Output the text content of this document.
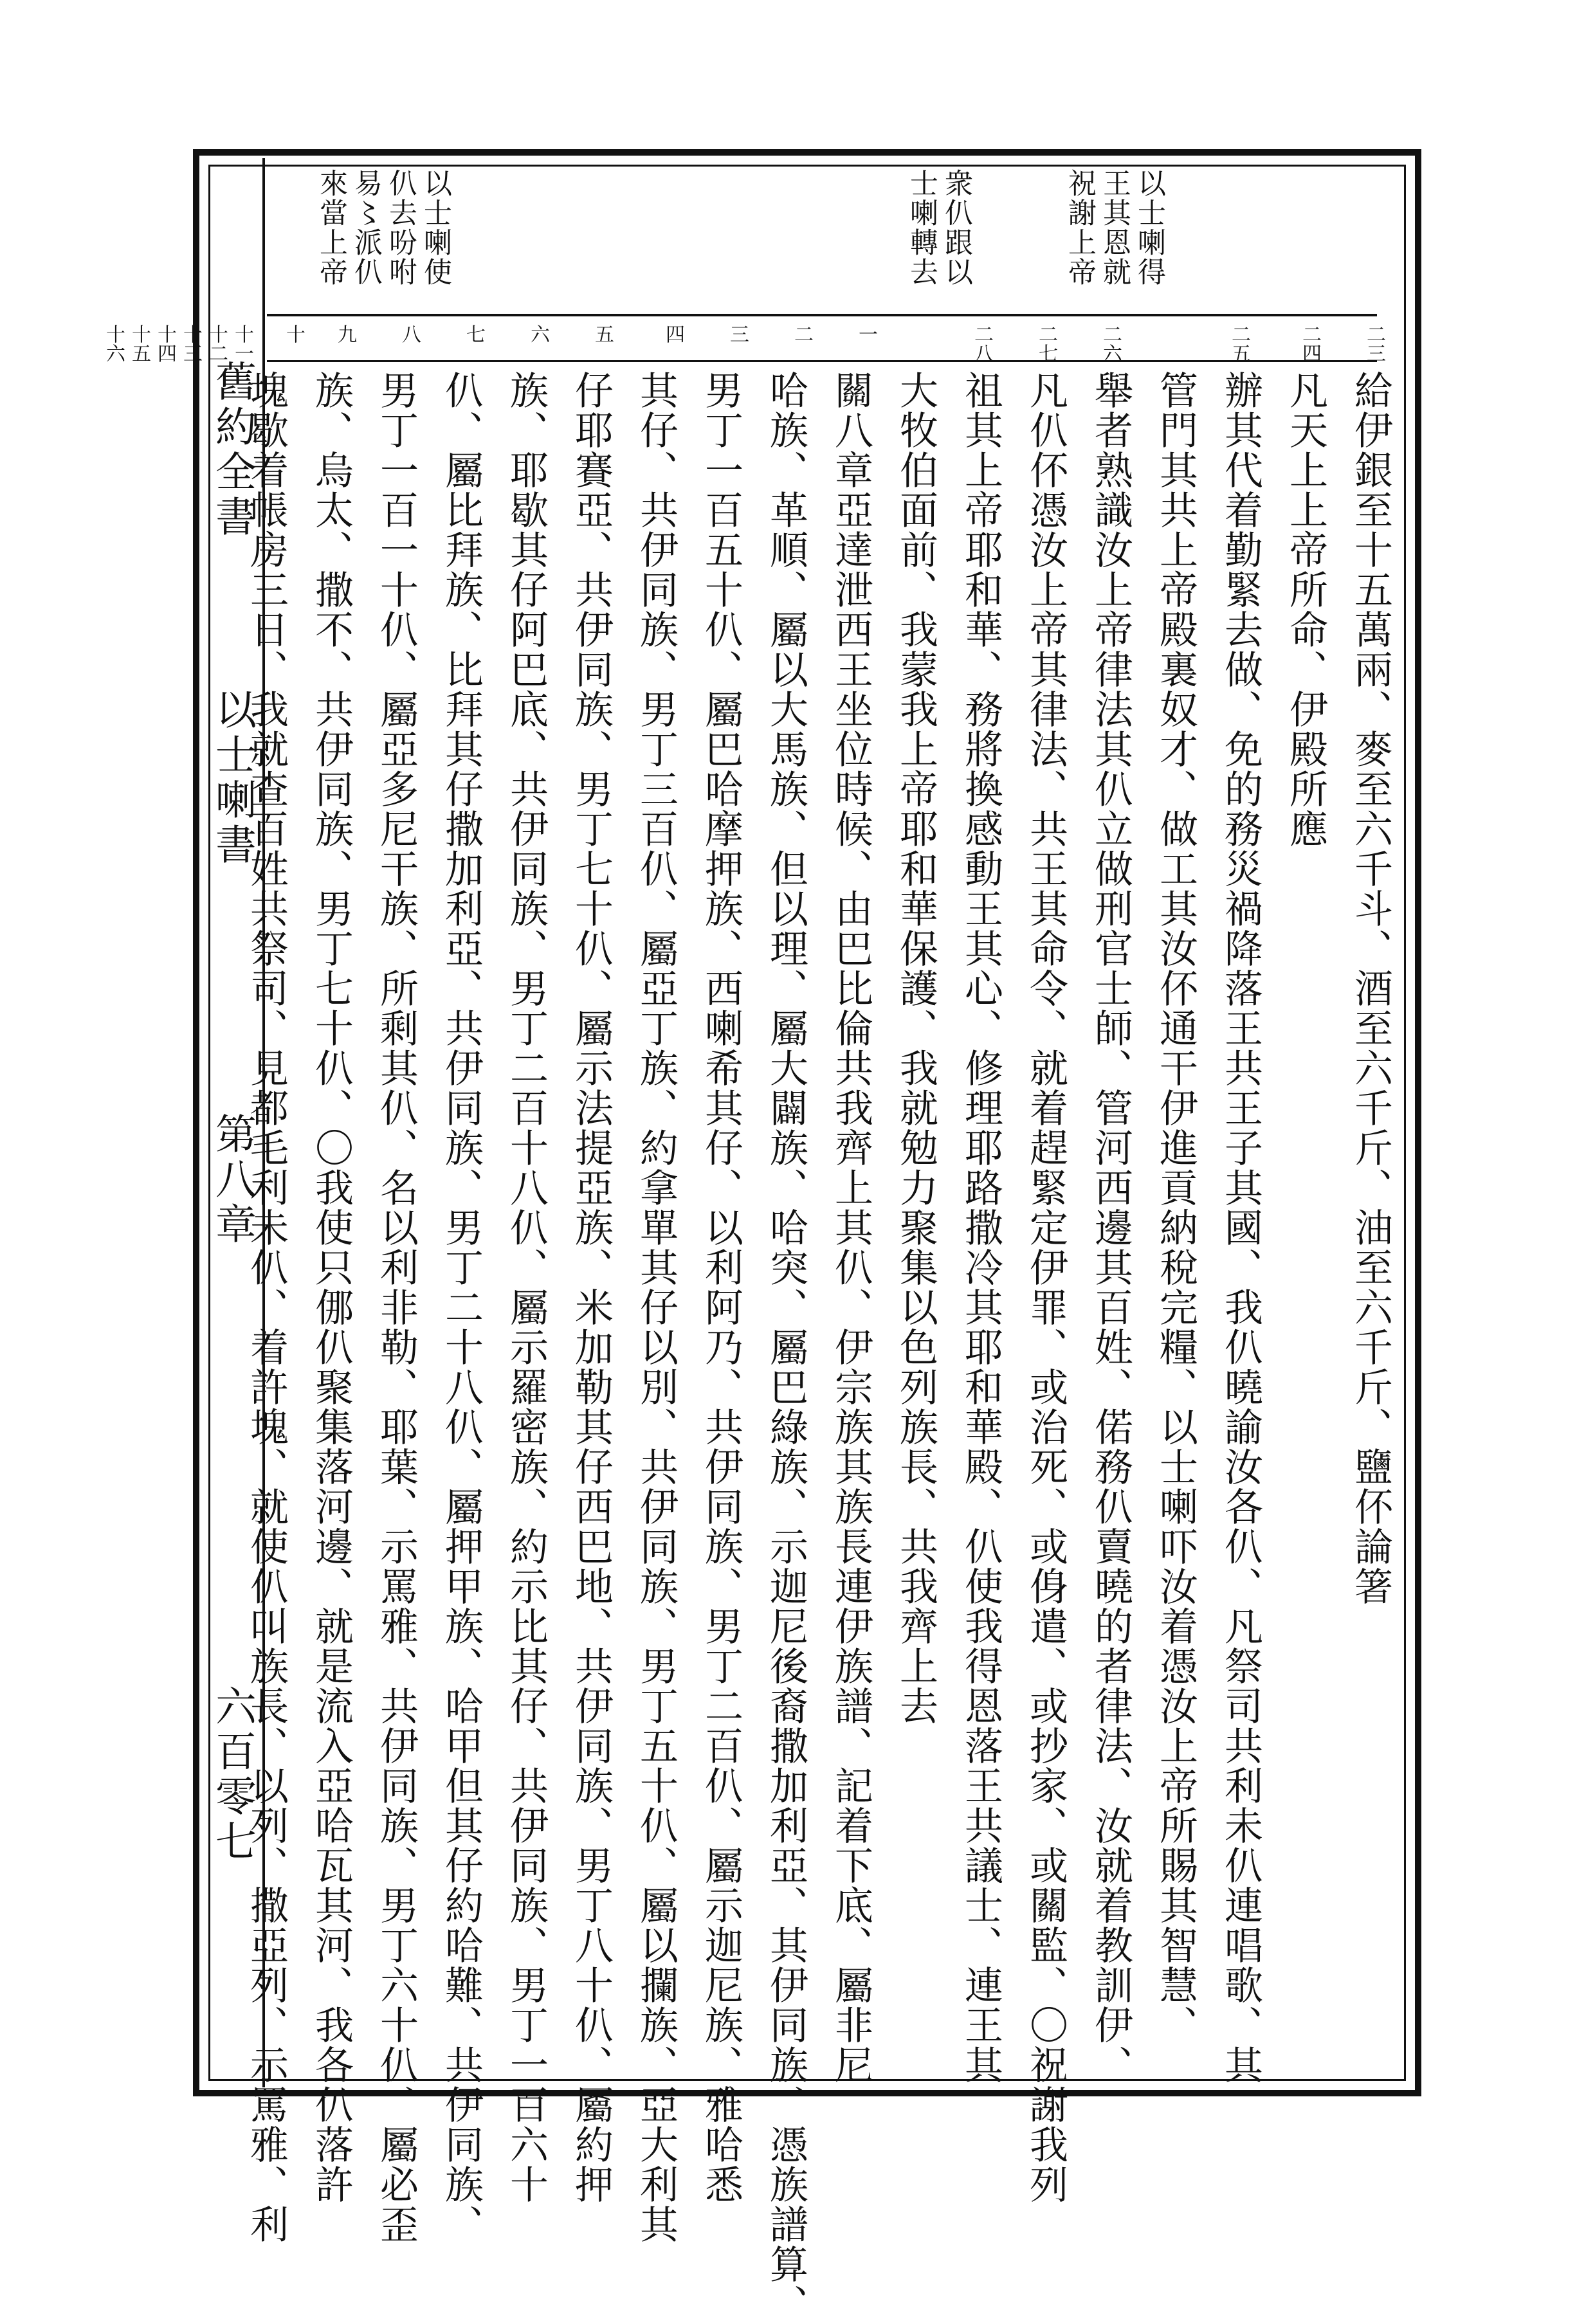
以士喇得
王其恩就
祝謝上帝
衆仈跟以
士喇轉去
以士喇使
仈去吩咐
易〻派仈
來當上帝
舊約全書
以士喇書
第八章
六百零七
二三
二四
二五
二六
二七
二八
一
二
三
四
五
六
七
八
九
十
十一
十二
十三
十四
十五
十六
給伊銀至十五萬兩、麥至六千斗、酒至六千斤、油至六千斤、鹽伓論箸
凡天上上帝所命、伊殿所應
辦其代着勤緊去做、免的務災禍降落王共王子其國、我仈曉諭汝各仈、凡祭司共利未仈連唱歌、其
管門其共上帝殿裏奴才、做工其汝伓通干伊進貢納稅完糧、以士喇吓汝着憑汝上帝所賜其智慧、
舉者熟識汝上帝律法其仈立做刑官士師、管河西邊其百姓、偌務仈賣曉的者律法、汝就着教訓伊、
凡仈伓憑汝上帝其律法、共王其命令、就着趕緊定伊罪、或治死、或㑗遣、或抄家、或關監、〇祝謝我列
祖其上帝耶和華、務將換感動王其心、修理耶路撒冷其耶和華殿、仈使我得恩落王共議士、連王其
大牧伯面前、我蒙我上帝耶和華保護、我就勉力聚集以色列族長、共我齊上去
關八章亞達泄西王坐位時候、由巴比倫共我齊上其仈、伊宗族其族長連伊族譜、記着下底、屬非尼
哈族、革順、屬以大馬族、但以理、屬大闢族、哈突、屬巴綠族、示迦尼後裔撒加利亞、其伊同族、憑族譜算、
男丁一百五十仈、屬巴哈摩押族、西喇希其仔、以利阿乃、共伊同族、男丁二百仈、屬示迦尼族、雅哈悉
其仔、共伊同族、男丁三百仈、屬亞丁族、約拿單其仔以別、共伊同族、男丁五十仈、屬以攔族、亞大利其
仔耶賽亞、共伊同族、男丁七十仈、屬示法提亞族、米加勒其仔西巴地、共伊同族、男丁八十仈、屬約押
族、耶歇其仔阿巴底、共伊同族、男丁二百十八仈、屬示羅密族、約示比其仔、共伊同族、男丁一百六十
仈、屬比拜族、比拜其仔撒加利亞、共伊同族、男丁二十八仈、屬押甲族、哈甲但其仔約哈難、共伊同族、
男丁一百一十仈、屬亞多尼干族、所剩其仈、名以利非勒、耶葉、示罵雅、共伊同族、男丁六十仈、屬必歪
族、烏太、撒不、共伊同族、男丁七十仈、〇我使只㑚仈聚集落河邊、就是流入亞哈瓦其河、我各仈落許
塊歇着帳房三日、我就查百姓共祭司、見都毛利未仈、着許塊、就使仈叫族長、以列、撒亞列、示罵雅、利
